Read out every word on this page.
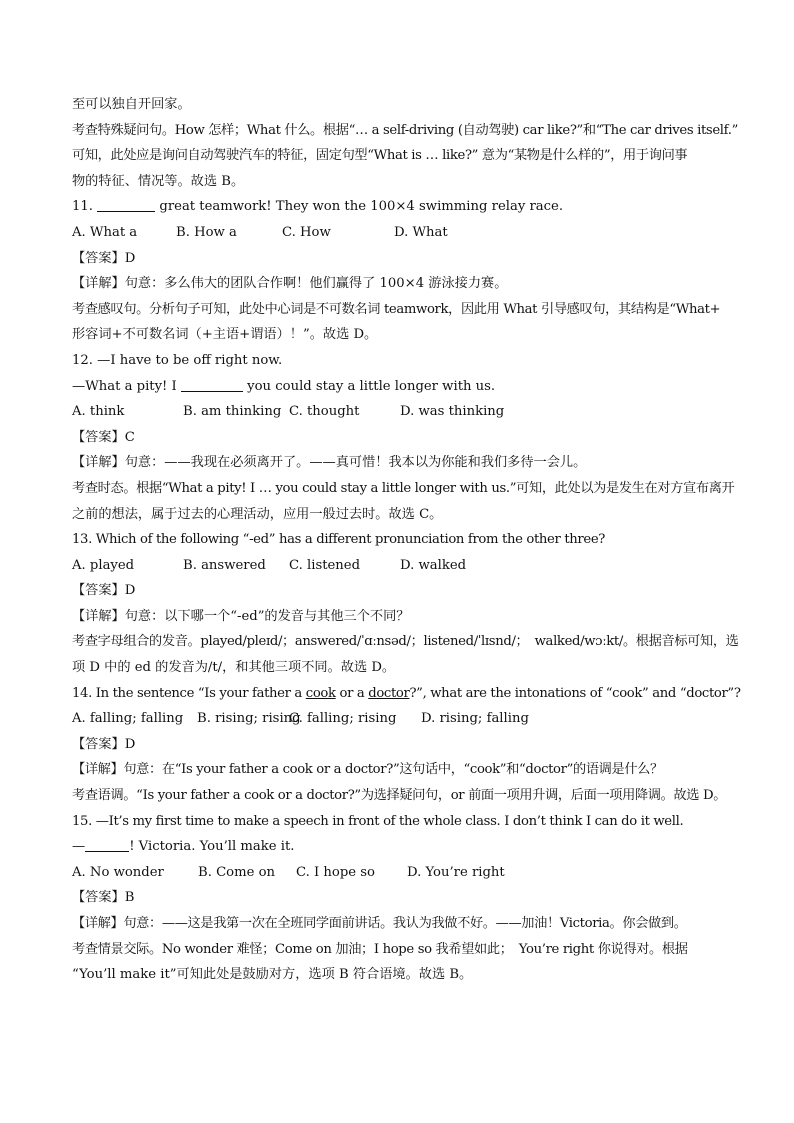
至可以独自开回家。
考查特殊疑问句。How 怎样；What 什么。根据“… a self-driving (自动驾驶) car like?”和“The car drives itself.”
可知，此处应是询问自动驾驶汽车的特征，固定句型“What is … like?” 意为“某物是什么样的”，用于询问事
物的特征、情况等。故选 B。
11.	great teamwork! They won the 100×4 swimming relay race.
A. What a	B. How a	C. How	D. What
【答案】D
【详解】句意：多么伟大的团队合作啊！他们赢得了 100×4 游泳接力赛。
考查感叹句。分析句子可知，此处中心词是不可数名词 teamwork，因此用 What 引导感叹句，其结构是“What+
形容词+不可数名词（+主语+谓语）！”。故选 D。
12. —I have to be off right now.
—What a pity! I	you could stay a little longer with us.
A. think	B. am thinking C. thought	D. was thinking
【答案】C
【详解】句意：——我现在必须离开了。——真可惜！我本以为你能和我们多待一会儿。
考查时态。根据“What a pity! I … you could stay a little longer with us.”可知，此处以为是发生在对方宣布离开
之前的想法，属于过去的心理活动，应用一般过去时。故选 C。
13. Which of the following “-ed” has a different pronunciation from the other three?
A. played	B. answered	C. listened	D. walked
【答案】D
【详解】句意：以下哪一个“-ed”的发音与其他三个不同？
考查字母组合的发音。played/pleɪd/；answered/ˈɑːnsəd/；listened/ˈlɪsnd/；　walked/wɔːkt/。根据音标可知，选
项 D 中的 ed 的发音为/t/，和其他三项不同。故选 D。
14. In the sentence “Is your father a cook or a doctor?”, what are the intonations of “cook” and “doctor”?
A. falling; falling	B. rising; rising
C. falling; rising	D. rising; falling
【答案】D
【详解】句意：在“Is your father a cook or a doctor?”这句话中，“cook”和“doctor”的语调是什么？
考查语调。“Is your father a cook or a doctor?”为选择疑问句，or 前面一项用升调，后面一项用降调。故选 D。
15. —It’s my first time to make a speech in front of the whole class. I don’t think I can do it well.
—	! Victoria. You’ll make it.
A. No wonder	B. Come on	C. I hope so	D. You’re right
【答案】B
【详解】句意：——这是我第一次在全班同学面前讲话。我认为我做不好。——加油！Victoria。你会做到。
考查情景交际。No wonder 难怪；Come on 加油；I hope so 我希望如此；　You’re right 你说得对。根据
“You’ll make it”可知此处是鼓励对方，选项 B 符合语境。故选 B。
